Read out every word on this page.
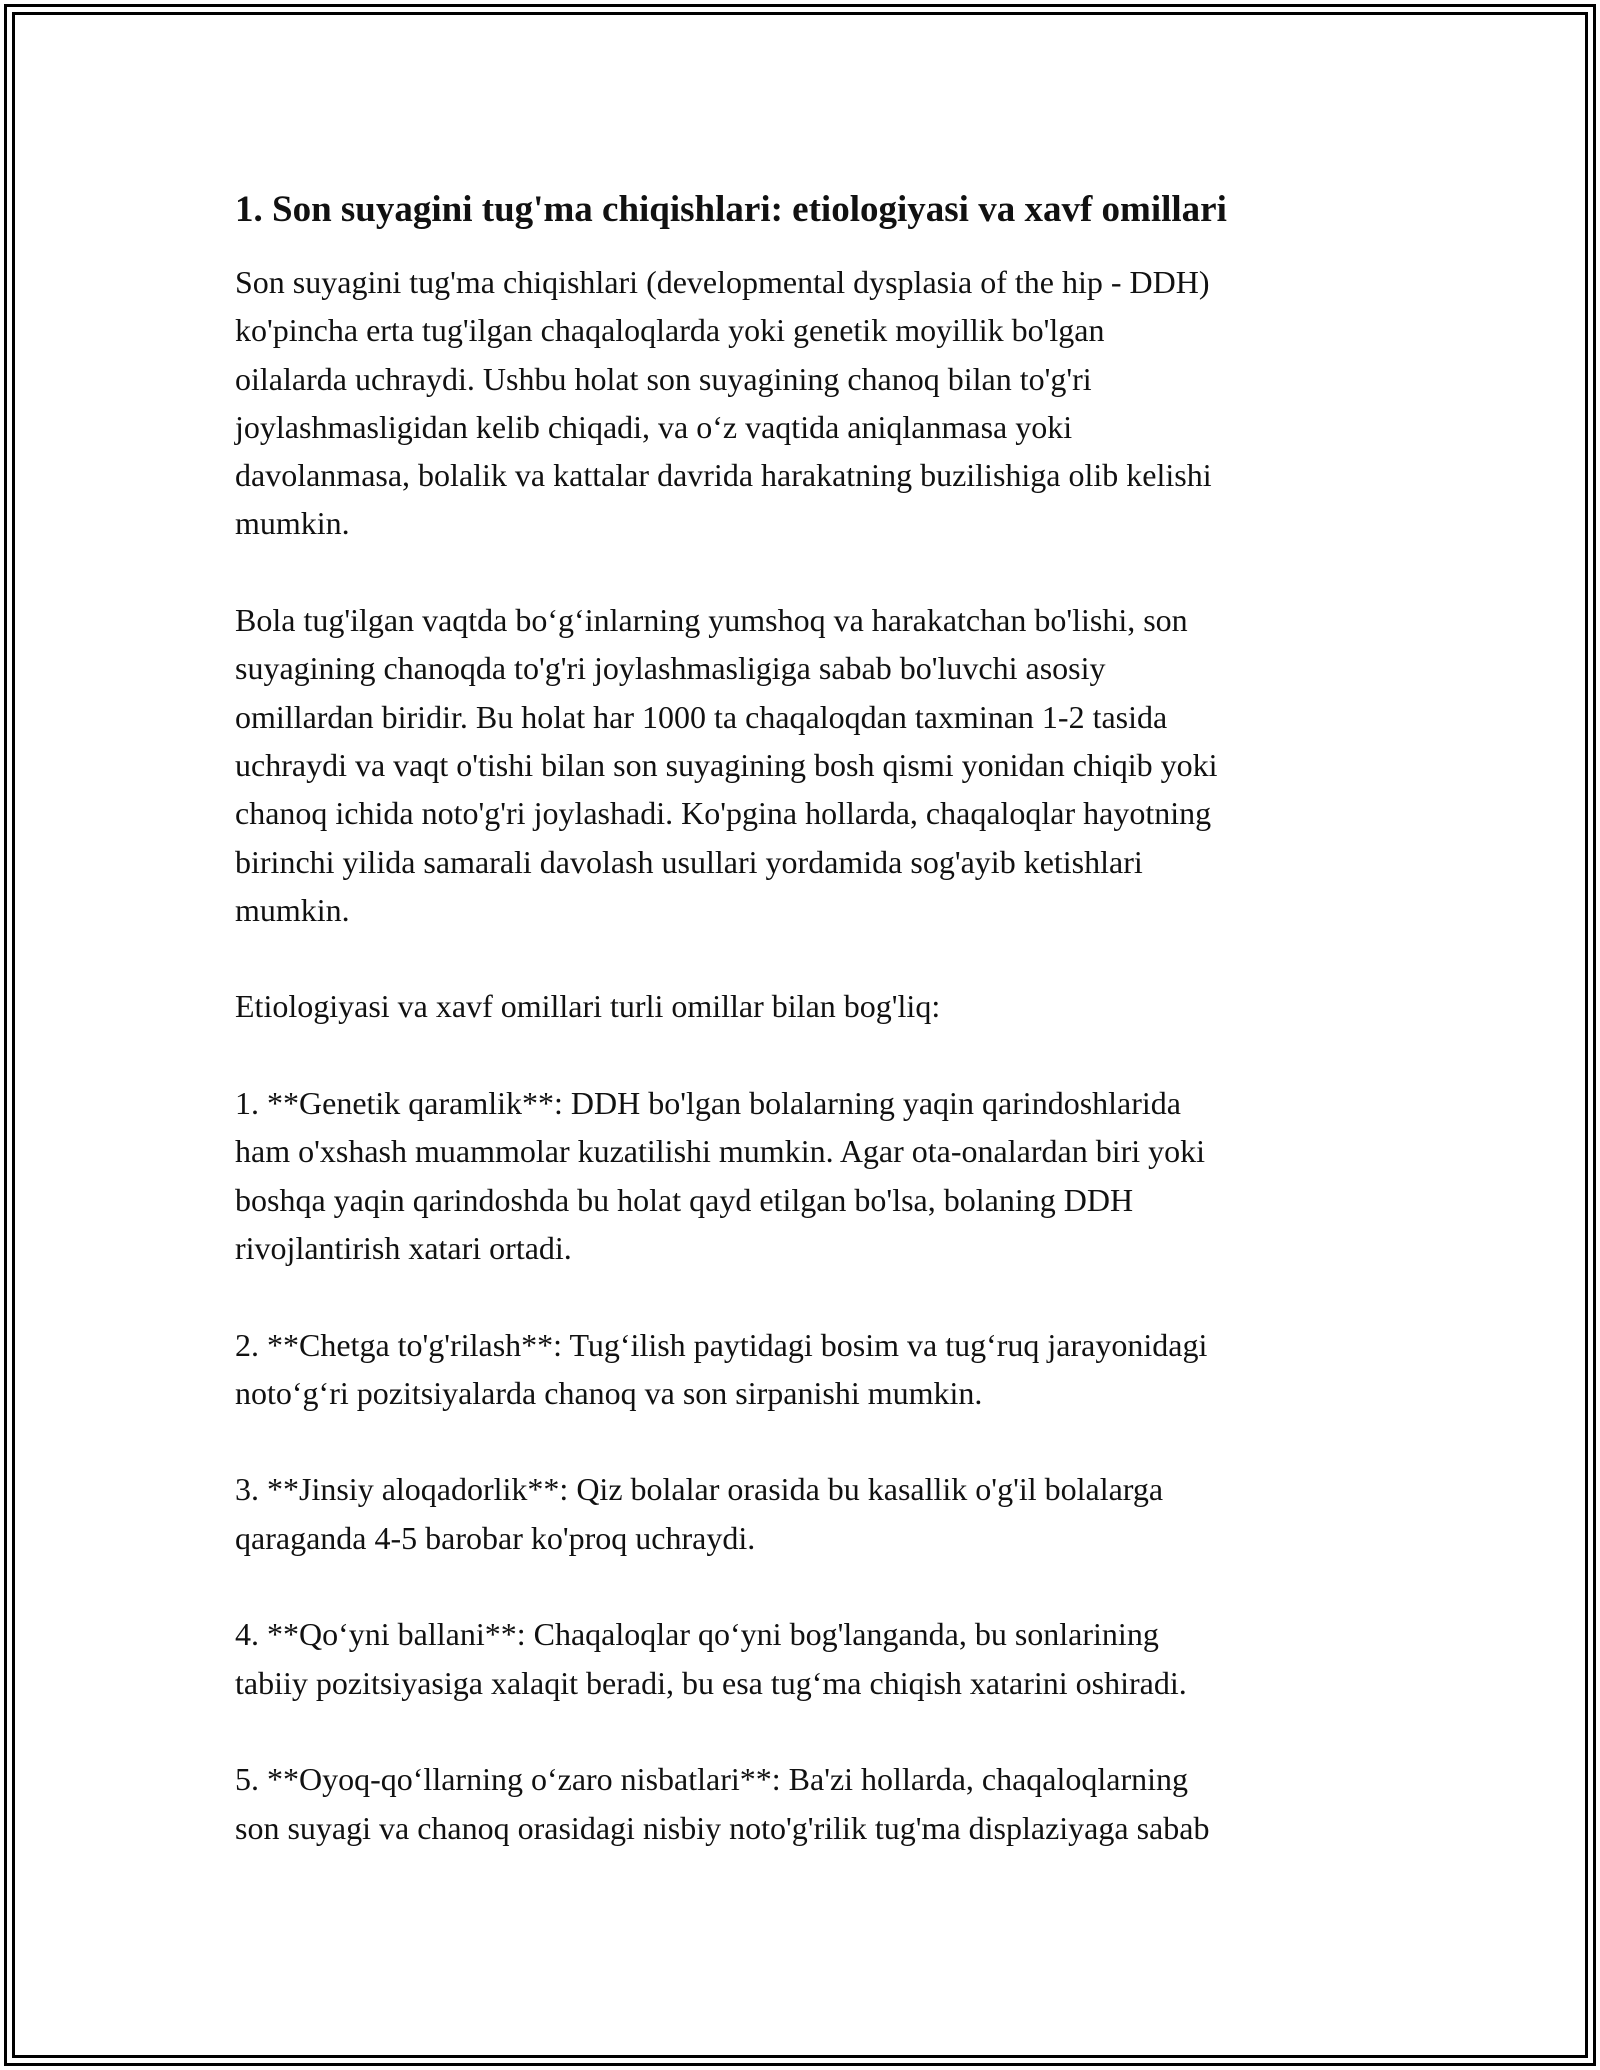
1. Son suyagini tug'ma chiqishlari: etiologiyasi va xavf omillari

Son suyagini tug'ma chiqishlari (developmental dysplasia of the hip - DDH)
ko'pincha erta tug'ilgan chaqaloqlarda yoki genetik moyillik bo'lgan
oilalarda uchraydi. Ushbu holat son suyagining chanoq bilan to'g'ri
joylashmasligidan kelib chiqadi, va o‘z vaqtida aniqlanmasa yoki
davolanmasa, bolalik va kattalar davrida harakatning buzilishiga olib kelishi
mumkin.

Bola tug'ilgan vaqtda bo‘g‘inlarning yumshoq va harakatchan bo'lishi, son
suyagining chanoqda to'g'ri joylashmasligiga sabab bo'luvchi asosiy
omillardan biridir. Bu holat har 1000 ta chaqaloqdan taxminan 1-2 tasida
uchraydi va vaqt o'tishi bilan son suyagining bosh qismi yonidan chiqib yoki
chanoq ichida noto'g'ri joylashadi. Ko'pgina hollarda, chaqaloqlar hayotning
birinchi yilida samarali davolash usullari yordamida sog'ayib ketishlari
mumkin.

Etiologiyasi va xavf omillari turli omillar bilan bog'liq:

1. **Genetik qaramlik**: DDH bo'lgan bolalarning yaqin qarindoshlarida
ham o'xshash muammolar kuzatilishi mumkin. Agar ota-onalardan biri yoki
boshqa yaqin qarindoshda bu holat qayd etilgan bo'lsa, bolaning DDH
rivojlantirish xatari ortadi.

2. **Chetga to'g'rilash**: Tug‘ilish paytidagi bosim va tug‘ruq jarayonidagi
noto‘g‘ri pozitsiyalarda chanoq va son sirpanishi mumkin.

3. **Jinsiy aloqadorlik**: Qiz bolalar orasida bu kasallik o'g'il bolalarga
qaraganda 4-5 barobar ko'proq uchraydi.

4. **Qo‘yni ballani**: Chaqaloqlar qo‘yni bog'langanda, bu sonlarining
tabiiy pozitsiyasiga xalaqit beradi, bu esa tug‘ma chiqish xatarini oshiradi.

5. **Oyoq-qo‘llarning o‘zaro nisbatlari**: Ba'zi hollarda, chaqaloqlarning
son suyagi va chanoq orasidagi nisbiy noto'g'rilik tug'ma displaziyaga sabab
